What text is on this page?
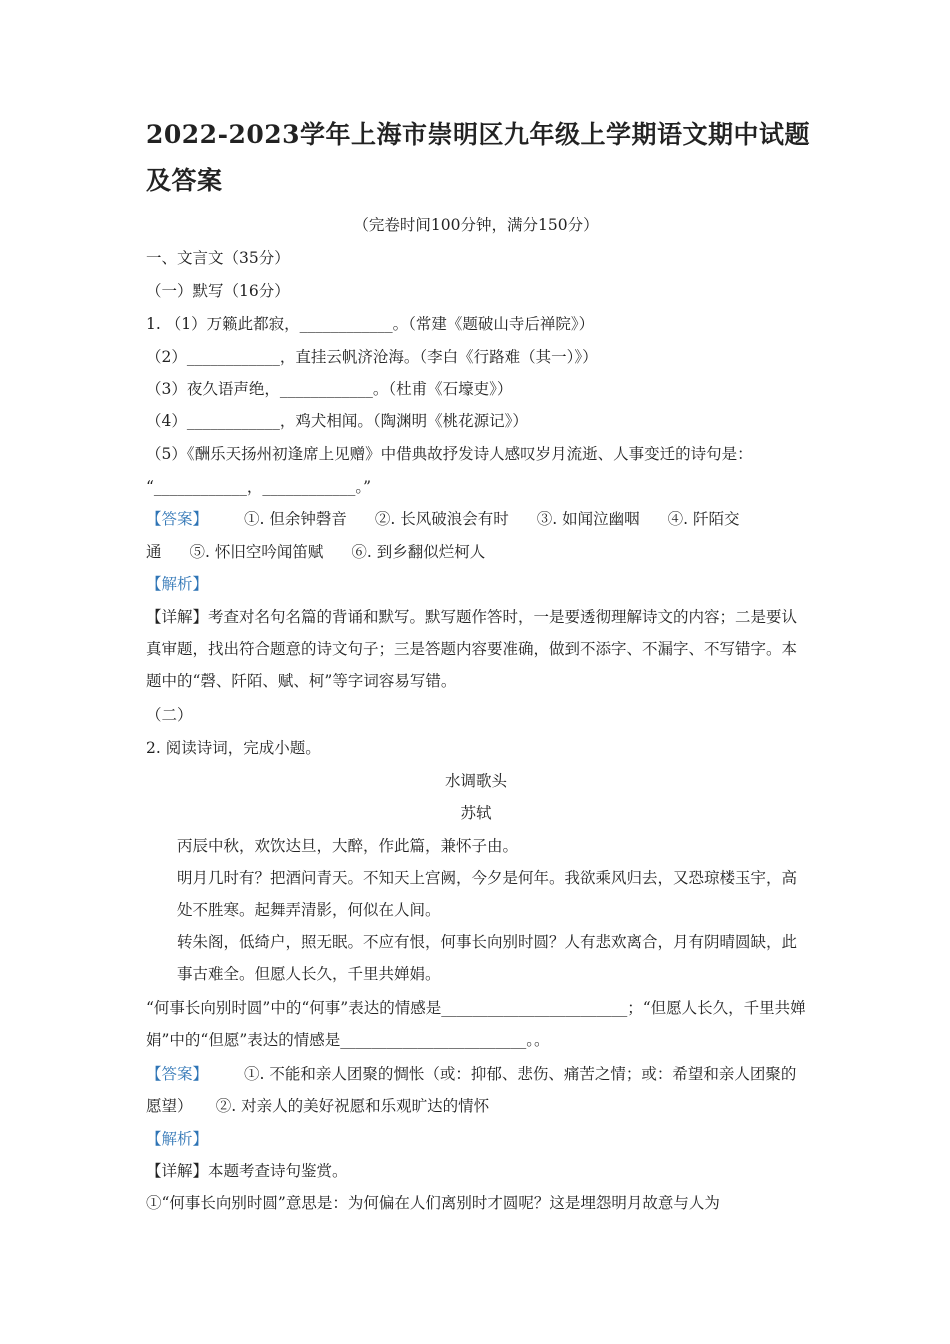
2022-2023学年上海市崇明区九年级上学期语文期中试题及答案
（完卷时间100分钟，满分150分）
一、文言文（35分）
（一）默写（16分）
1. （1）万籁此都寂，____________。（常建《题破山寺后禅院》）
（2）____________，直挂云帆济沧海。（李白《行路难（其一）》）
（3）夜久语声绝，____________。（杜甫《石壕吏》）
（4）____________，鸡犬相闻。（陶渊明《桃花源记》）
（5）《酬乐天扬州初逢席上见赠》中借典故抒发诗人感叹岁月流逝、人事变迁的诗句是：
“____________，____________。”
【答案】 ①. 但余钟磬音 ②. 长风破浪会有时 ③. 如闻泣幽咽 ④. 阡陌交
通 ⑤. 怀旧空吟闻笛赋 ⑥. 到乡翻似烂柯人
【解析】
【详解】考查对名句名篇的背诵和默写。默写题作答时，一是要透彻理解诗文的内容；二是要认真审题，找出符合题意的诗文句子；三是答题内容要准确，做到不添字、不漏字、不写错字。本题中的“磬、阡陌、赋、柯”等字词容易写错。
（二）
2. 阅读诗词，完成小题。
水调歌头
苏轼
丙辰中秋，欢饮达旦，大醉，作此篇，兼怀子由。
明月几时有？把酒问青天。不知天上宫阙，今夕是何年。我欲乘风归去，又恐琼楼玉宇，高处不胜寒。起舞弄清影，何似在人间。
转朱阁，低绮户，照无眠。不应有恨，何事长向别时圆？人有悲欢离合，月有阴晴圆缺，此事古难全。但愿人长久，千里共婵娟。
“何事长向别时圆”中的“何事”表达的情感是________________________；“但愿人长久，千里共婵娟”中的“但愿”表达的情感是________________________。。
【答案】 ①. 不能和亲人团聚的惆怅（或：抑郁、悲伤、痛苦之情；或：希望和亲人团聚的愿望）　　②. 对亲人的美好祝愿和乐观旷达的情怀
【解析】
【详解】本题考查诗句鉴赏。
①“何事长向别时圆”意思是：为何偏在人们离别时才圆呢？这是埋怨明月故意与人为
